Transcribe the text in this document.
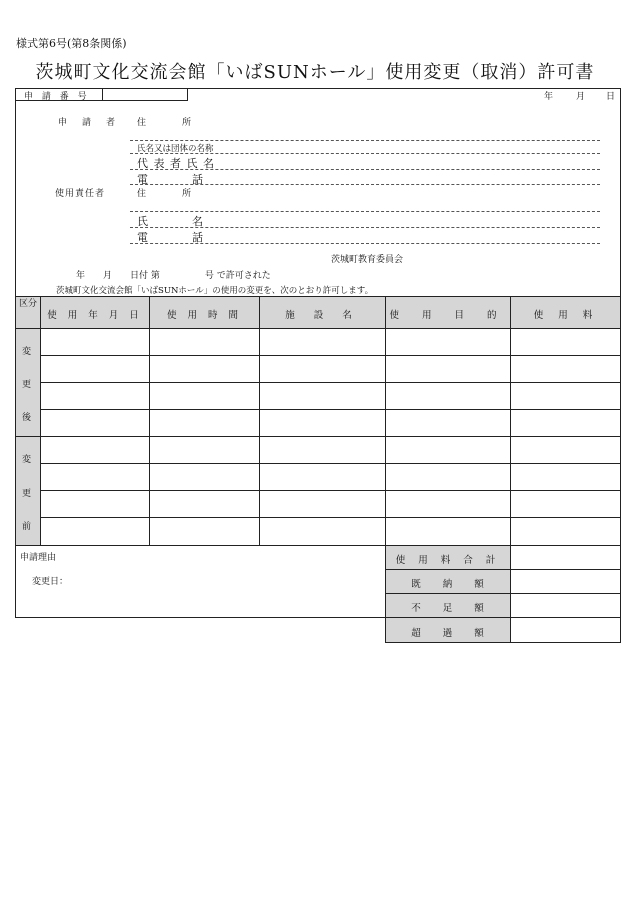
様式第6号(第8条関係)
茨城町文化交流会館「いばSUNホール」使用変更（取消）許可書
申 請 番 号	年	月 日
申　請　者 住　　　　所
氏名又は団体の名称
代 表 者 氏 名
電　　　　話
使用責任者	住　　　　所
氏　　　　名
電　　　　話
茨城町教育委員会
年　　月　　日付 第　　　　　号 で許可された
茨城町文化交流会館「いばSUNホール」の使用の変更を、次のとおり許可します。
区分
使 用 年 月 日	使 用 時 間	施 設 名	使 用 目 的	使 用 料
変
更
後
変
更
前
申請理由
変更日：
使 用 料 合 計
既　　納　　額
不　　足　　額
超　　過　　額
